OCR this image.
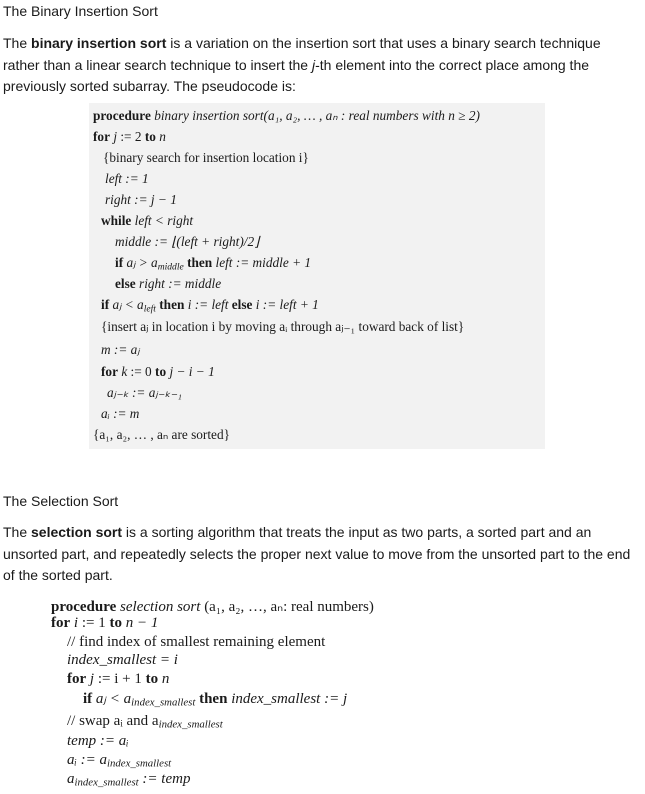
The Binary Insertion Sort

The binary insertion sort is a variation on the insertion sort that uses a binary search technique rather than a linear search technique to insert the j-th element into the correct place among the previously sorted subarray. The pseudocode is:

procedure binary insertion sort(a₁, a₂, … , aₙ : real numbers with n ≥ 2)
for j := 2 to n
{binary search for insertion location i}
left := 1
right := j − 1
while left < right
middle := ⌊(left + right)/2⌋
if aⱼ > $a_{middle}$ then left := middle + 1
else right := middle
if aⱼ < $a_{left}$ then i := left else i := left + 1
{insert aⱼ in location i by moving aᵢ through aⱼ₋₁ toward back of list}
m := aⱼ
for k := 0 to j − i − 1
aⱼ₋ₖ := aⱼ₋ₖ₋₁
aᵢ := m
{a₁, a₂, … , aₙ are sorted}
The Selection Sort

The selection sort is a sorting algorithm that treats the input as two parts, a sorted part and an unsorted part, and repeatedly selects the proper next value to move from the unsorted part to the end of the sorted part.

procedure selection sort (a₁, a₂, …, aₙ: real numbers)
for i := 1 to n − 1
// find index of smallest remaining element
index_smallest = i
for j := i + 1 to n
if aⱼ < $a_{index\_smallest}$ then index_smallest := j
// swap aᵢ and $a_{index\_smallest}$
temp := aᵢ
aᵢ := $a_{index\_smallest}$
$a_{index\_smallest}$ := temp
